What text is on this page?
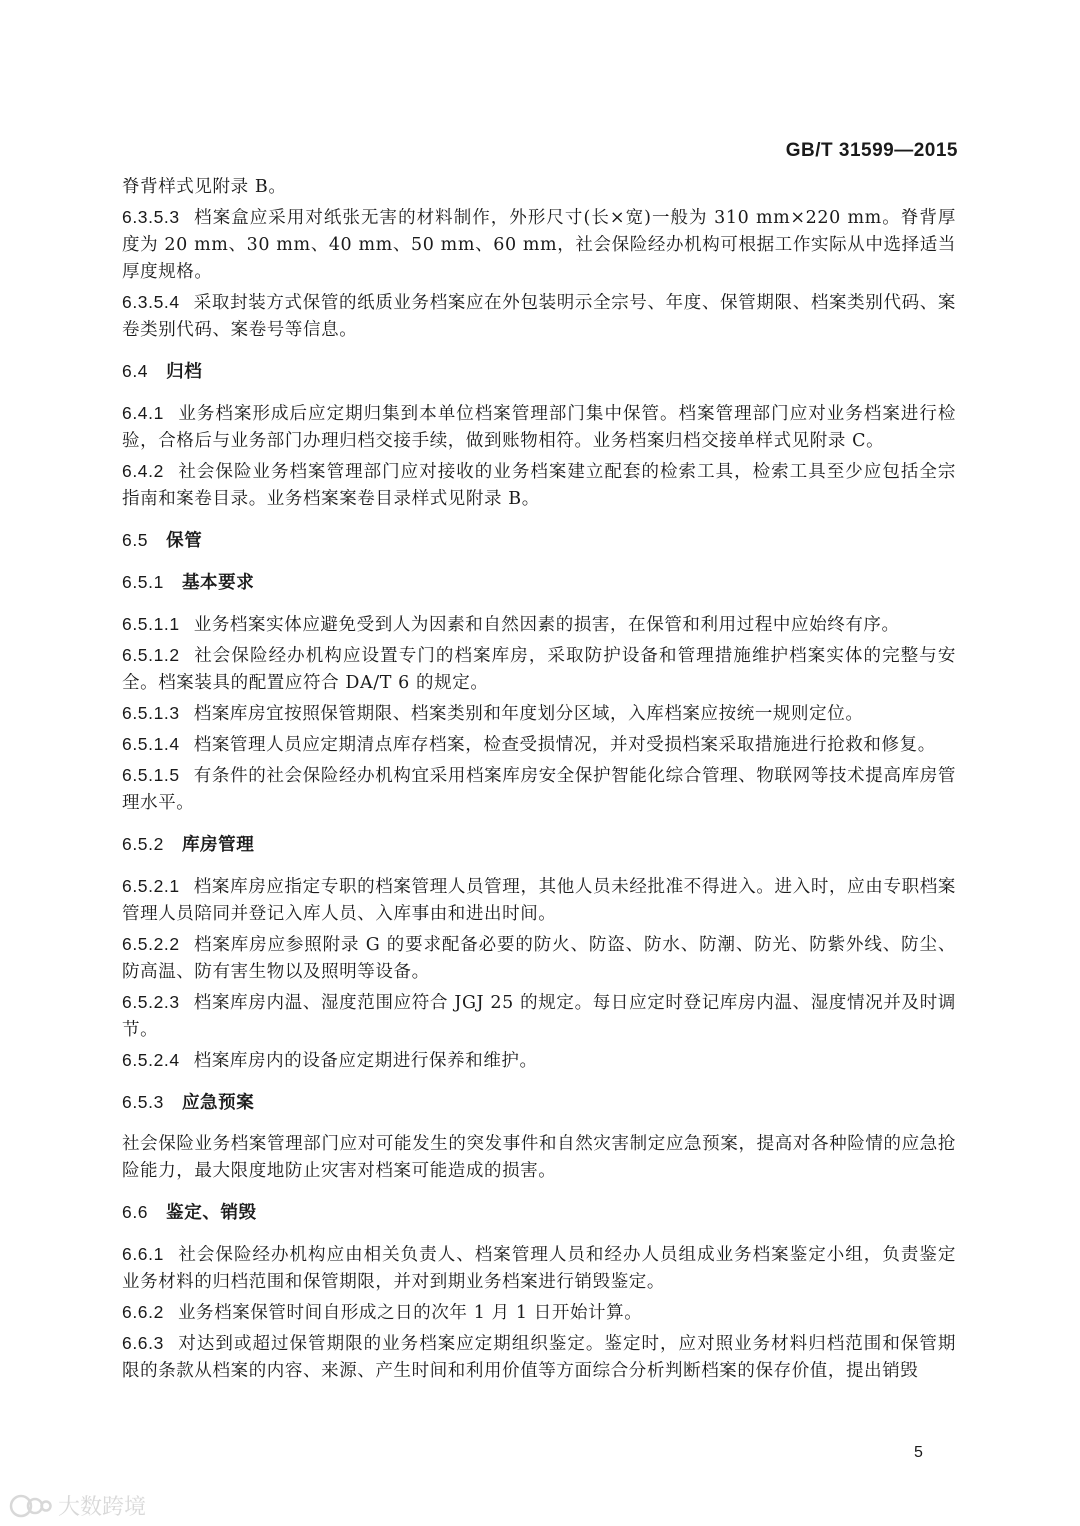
GB/T 31599—2015

脊背样式见附录 B。

6.3.5.3 档案盒应采用对纸张无害的材料制作，外形尺寸(长×宽)一般为 310 mm×220 mm。脊背厚度为 20 mm、30 mm、40 mm、50 mm、60 mm，社会保险经办机构可根据工作实际从中选择适当厚度规格。

6.3.5.4 采取封装方式保管的纸质业务档案应在外包装明示全宗号、年度、保管期限、档案类别代码、案卷类别代码、案卷号等信息。

6.4 归档

6.4.1 业务档案形成后应定期归集到本单位档案管理部门集中保管。档案管理部门应对业务档案进行检验，合格后与业务部门办理归档交接手续，做到账物相符。业务档案归档交接单样式见附录 C。

6.4.2 社会保险业务档案管理部门应对接收的业务档案建立配套的检索工具，检索工具至少应包括全宗指南和案卷目录。业务档案案卷目录样式见附录 B。

6.5 保管

6.5.1 基本要求

6.5.1.1 业务档案实体应避免受到人为因素和自然因素的损害，在保管和利用过程中应始终有序。

6.5.1.2 社会保险经办机构应设置专门的档案库房，采取防护设备和管理措施维护档案实体的完整与安全。档案装具的配置应符合 DA/T 6 的规定。

6.5.1.3 档案库房宜按照保管期限、档案类别和年度划分区域，入库档案应按统一规则定位。

6.5.1.4 档案管理人员应定期清点库存档案，检查受损情况，并对受损档案采取措施进行抢救和修复。

6.5.1.5 有条件的社会保险经办机构宜采用档案库房安全保护智能化综合管理、物联网等技术提高库房管理水平。

6.5.2 库房管理

6.5.2.1 档案库房应指定专职的档案管理人员管理，其他人员未经批准不得进入。进入时，应由专职档案管理人员陪同并登记入库人员、入库事由和进出时间。

6.5.2.2 档案库房应参照附录 G 的要求配备必要的防火、防盗、防水、防潮、防光、防紫外线、防尘、防高温、防有害生物以及照明等设备。

6.5.2.3 档案库房内温、湿度范围应符合 JGJ 25 的规定。每日应定时登记库房内温、湿度情况并及时调节。

6.5.2.4 档案库房内的设备应定期进行保养和维护。

6.5.3 应急预案

社会保险业务档案管理部门应对可能发生的突发事件和自然灾害制定应急预案，提高对各种险情的应急抢险能力，最大限度地防止灾害对档案可能造成的损害。

6.6 鉴定、销毁

6.6.1 社会保险经办机构应由相关负责人、档案管理人员和经办人员组成业务档案鉴定小组，负责鉴定业务材料的归档范围和保管期限，并对到期业务档案进行销毁鉴定。

6.6.2 业务档案保管时间自形成之日的次年 1 月 1 日开始计算。

6.6.3 对达到或超过保管期限的业务档案应定期组织鉴定。鉴定时，应对照业务材料归档范围和保管期限的条款从档案的内容、来源、产生时间和利用价值等方面综合分析判断档案的保存价值，提出销毁

5
大数跨境
